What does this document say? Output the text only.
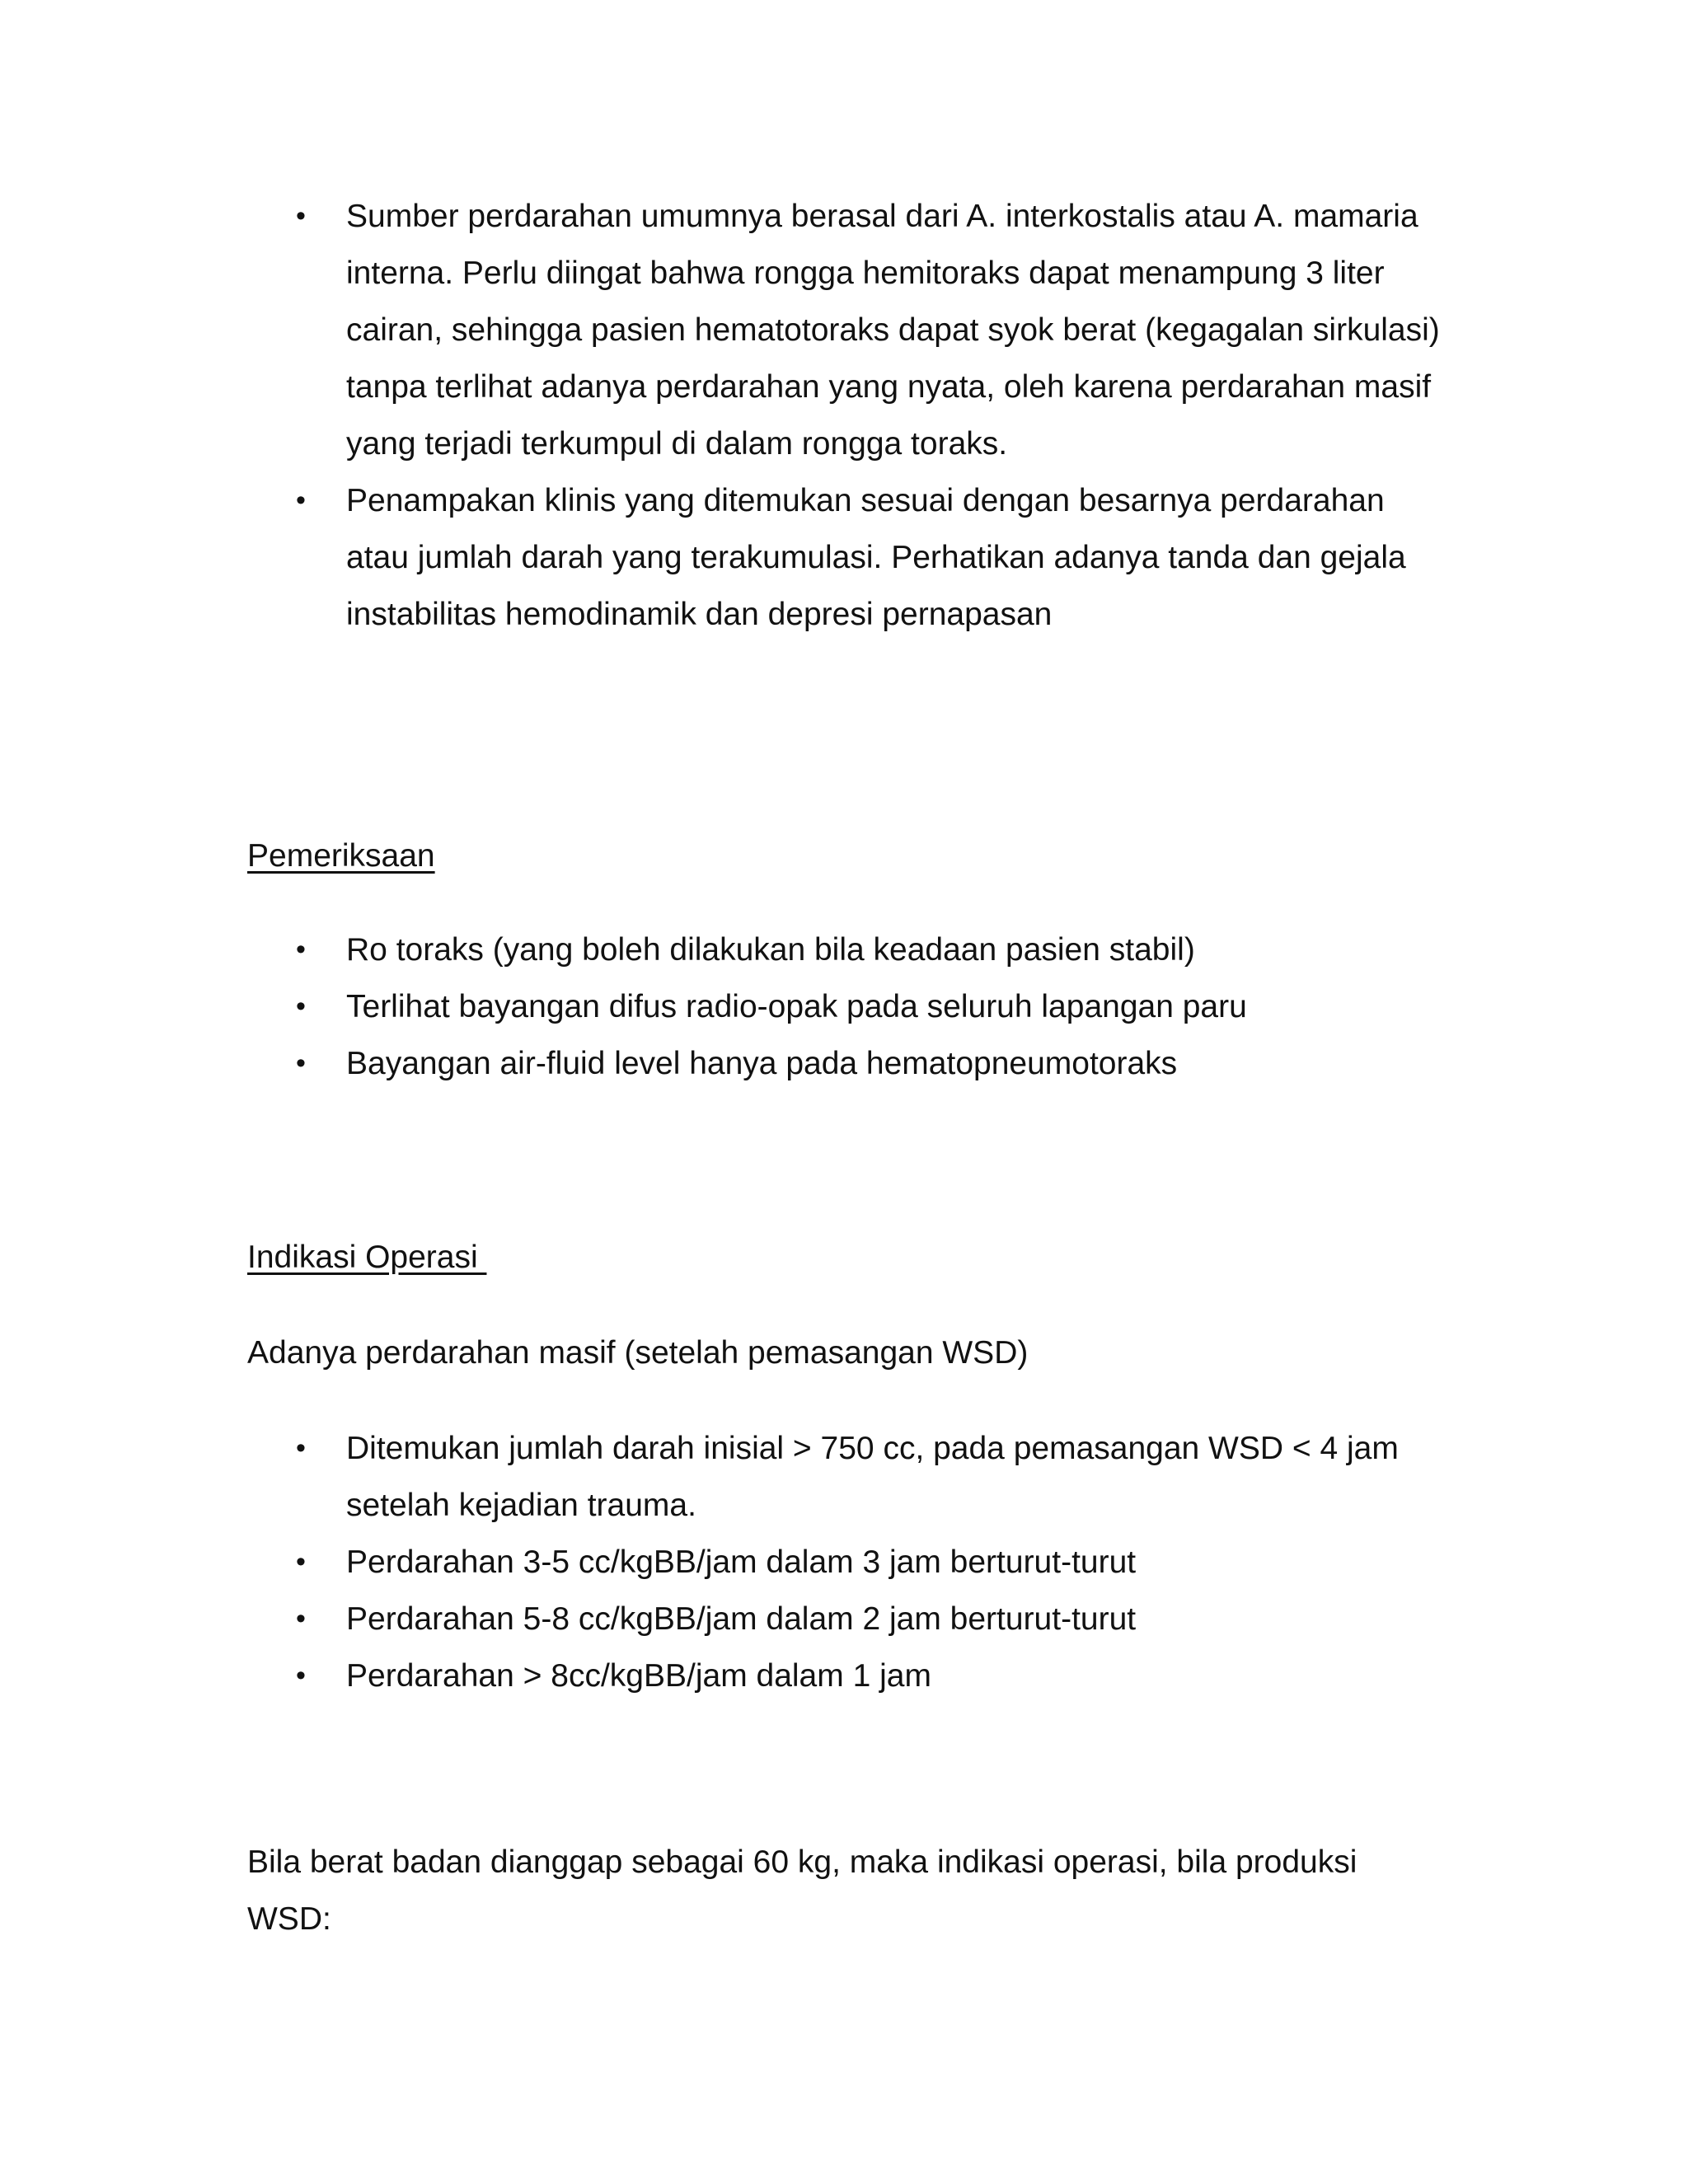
• Sumber perdarahan umumnya berasal dari A. interkostalis atau A. mamaria interna. Perlu diingat bahwa rongga hemitoraks dapat menampung 3 liter cairan, sehingga pasien hematotoraks dapat syok berat (kegagalan sirkulasi) tanpa terlihat adanya perdarahan yang nyata, oleh karena perdarahan masif yang terjadi terkumpul di dalam rongga toraks.
• Penampakan klinis yang ditemukan sesuai dengan besarnya perdarahan atau jumlah darah yang terakumulasi. Perhatikan adanya tanda dan gejala instabilitas hemodinamik dan depresi pernapasan
Pemeriksaan
• Ro toraks (yang boleh dilakukan bila keadaan pasien stabil)
• Terlihat bayangan difus radio-opak pada seluruh lapangan paru
• Bayangan air-fluid level hanya pada hematopneumotoraks
Indikasi Operasi
Adanya perdarahan masif (setelah pemasangan WSD)
• Ditemukan jumlah darah inisial > 750 cc, pada pemasangan WSD < 4 jam setelah kejadian trauma.
• Perdarahan 3-5 cc/kgBB/jam dalam 3 jam berturut-turut
• Perdarahan 5-8 cc/kgBB/jam dalam 2 jam berturut-turut
• Perdarahan > 8cc/kgBB/jam dalam 1 jam
Bila berat badan dianggap sebagai 60 kg, maka indikasi operasi, bila produksi WSD:
